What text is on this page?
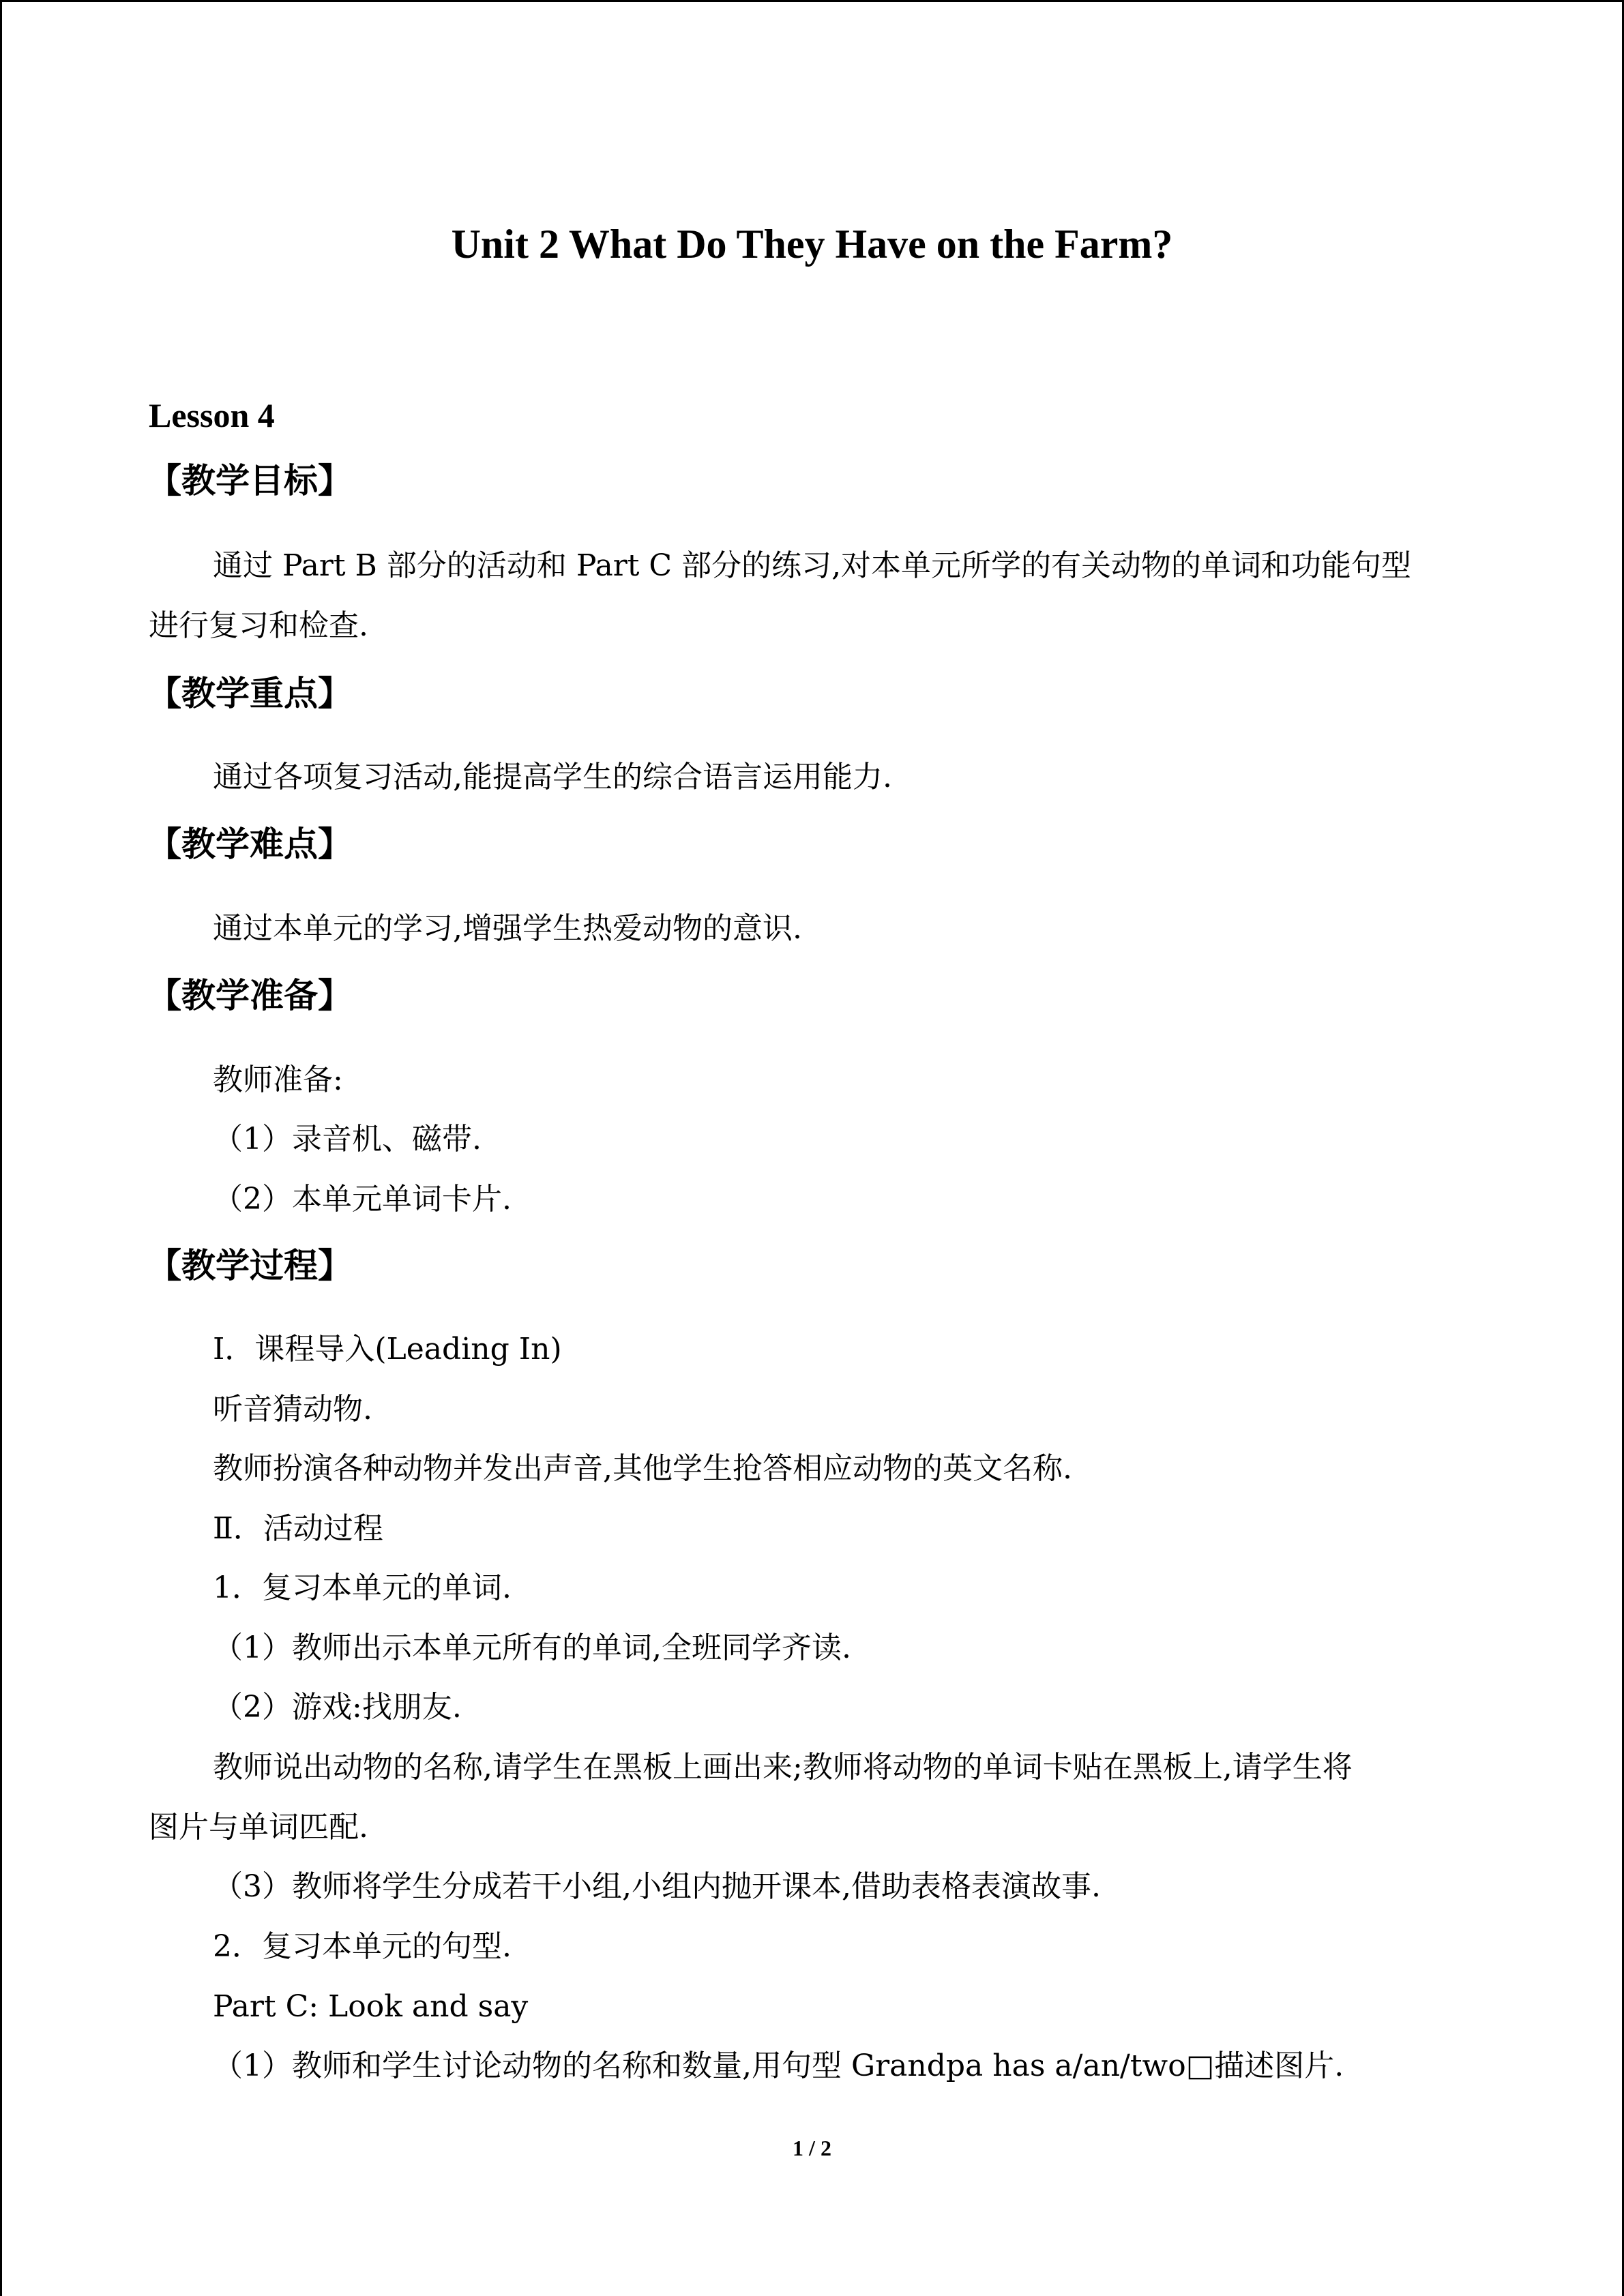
Unit 2 What Do They Have on the Farm?
Lesson 4
【教学目标】

通过 Part B 部分的活动和 Part C 部分的练习,对本单元所学的有关动物的单词和功能句型

进行复习和检查.

【教学重点】

通过各项复习活动,能提高学生的综合语言运用能力.

【教学难点】

通过本单元的学习,增强学生热爱动物的意识.

【教学准备】

教师准备:

（1）录音机、磁带.

（2）本单元单词卡片.

【教学过程】

Ⅰ．课程导入(Leading In)

听音猜动物.

教师扮演各种动物并发出声音,其他学生抢答相应动物的英文名称.

Ⅱ．活动过程

1．复习本单元的单词.

（1）教师出示本单元所有的单词,全班同学齐读.

（2）游戏:找朋友.

教师说出动物的名称,请学生在黑板上画出来;教师将动物的单词卡贴在黑板上,请学生将

图片与单词匹配.

（3）教师将学生分成若干小组,小组内抛开课本,借助表格表演故事.

2．复习本单元的句型.

Part C: Look and say

（1）教师和学生讨论动物的名称和数量,用句型 Grandpa has a/an/two□描述图片.

1 / 2
